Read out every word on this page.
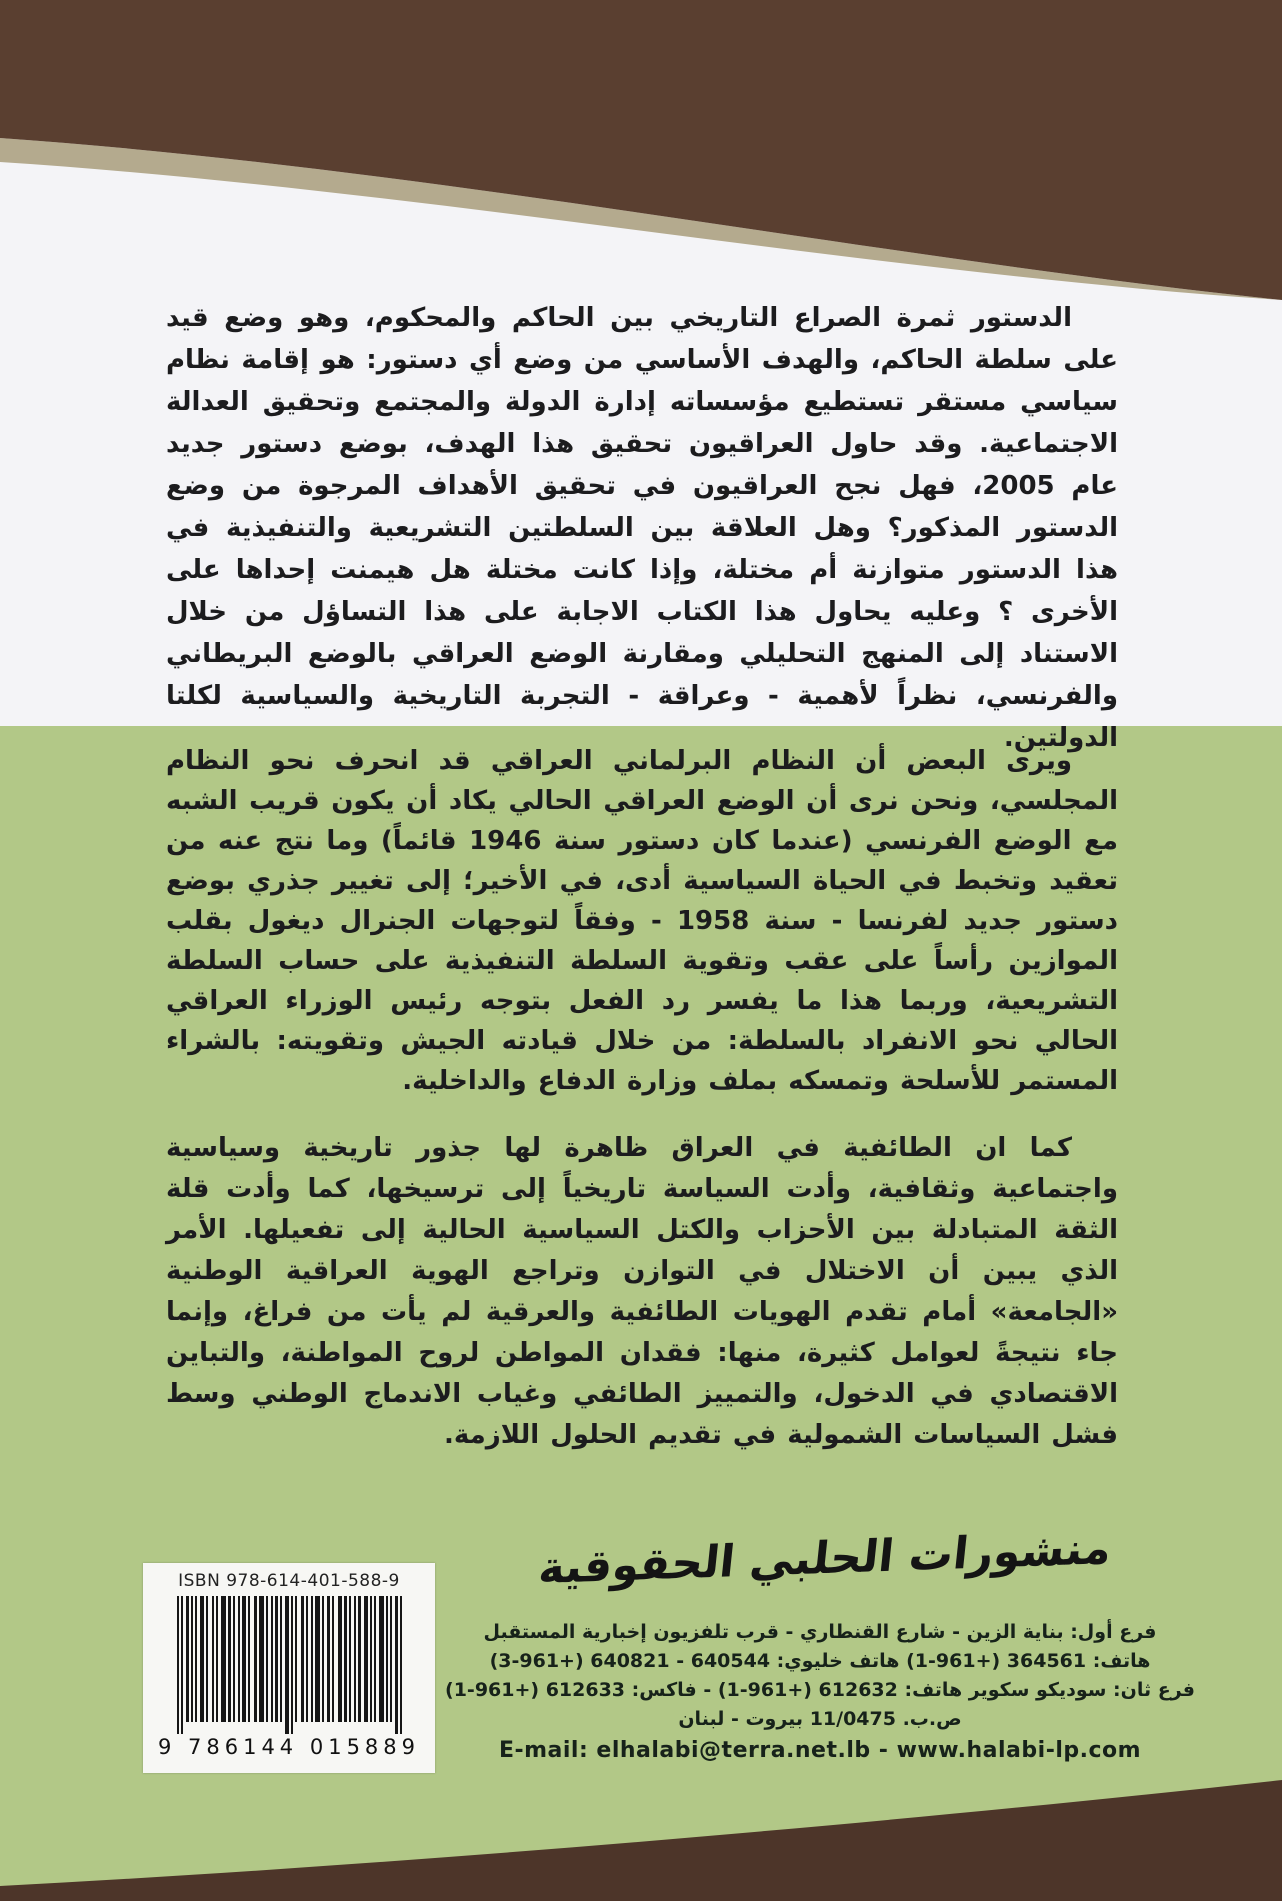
الدستور ثمرة الصراع التاريخي بين الحاكم والمحكوم، وهو وضع قيد على سلطة الحاكم، والهدف الأساسي من وضع أي دستور: هو إقامة نظام سياسي مستقر تستطيع مؤسساته إدارة الدولة والمجتمع وتحقيق العدالة الاجتماعية. وقد حاول العراقيون تحقيق هذا الهدف، بوضع دستور جديد عام 2005، فهل نجح العراقيون في تحقيق الأهداف المرجوة من وضع الدستور المذكور؟ وهل العلاقة بين السلطتين التشريعية والتنفيذية في هذا الدستور متوازنة أم مختلة، وإذا كانت مختلة هل هيمنت إحداها على الأخرى ؟ وعليه يحاول هذا الكتاب الاجابة على هذا التساؤل من خلال الاستناد إلى المنهج التحليلي ومقارنة الوضع العراقي بالوضع البريطاني والفرنسي، نظراً لأهمية - وعراقة - التجربة التاريخية والسياسية لكلتا الدولتين.

ويرى البعض أن النظام البرلماني العراقي قد انحرف نحو النظام المجلسي، ونحن نرى أن الوضع العراقي الحالي يكاد أن يكون قريب الشبه مع الوضع الفرنسي (عندما كان دستور سنة 1946 قائماً) وما نتج عنه من تعقيد وتخبط في الحياة السياسية أدى، في الأخير؛ إلى تغيير جذري بوضع دستور جديد لفرنسا - سنة 1958 - وفقاً لتوجهات الجنرال ديغول بقلب الموازين رأساً على عقب وتقوية السلطة التنفيذية على حساب السلطة التشريعية، وربما هذا ما يفسر رد الفعل بتوجه رئيس الوزراء العراقي الحالي نحو الانفراد بالسلطة: من خلال قيادته الجيش وتقويته: بالشراء المستمر للأسلحة وتمسكه بملف وزارة الدفاع والداخلية.

كما ان الطائفية في العراق ظاهرة لها جذور تاريخية وسياسية واجتماعية وثقافية، وأدت السياسة تاريخياً إلى ترسيخها، كما وأدت قلة الثقة المتبادلة بين الأحزاب والكتل السياسية الحالية إلى تفعيلها. الأمر الذي يبين أن الاختلال في التوازن وتراجع الهوية العراقية الوطنية «الجامعة» أمام تقدم الهويات الطائفية والعرقية لم يأت من فراغ، وإنما جاء نتيجةً لعوامل كثيرة، منها: فقدان المواطن لروح المواطنة، والتباين الاقتصادي في الدخول، والتمييز الطائفي وغياب الاندماج الوطني وسط فشل السياسات الشمولية في تقديم الحلول اللازمة.

ISBN 978-614-401-588-9
9 786144 015889
منشورات الحلبي الحقوقية
فرع أول: بناية الزين - شارع القنطاري - قرب تلفزيون إخبارية المستقبل
هاتف: 364561 (+961-1) هاتف خليوي: 640544 - 640821 (+961-3)
فرع ثان: سوديكو سكوير هاتف: 612632 (+961-1) - فاكس: 612633 (+961-1)
ص.ب. 11/0475 بيروت - لبنان
E-mail: elhalabi@terra.net.lb - www.halabi-lp.com
